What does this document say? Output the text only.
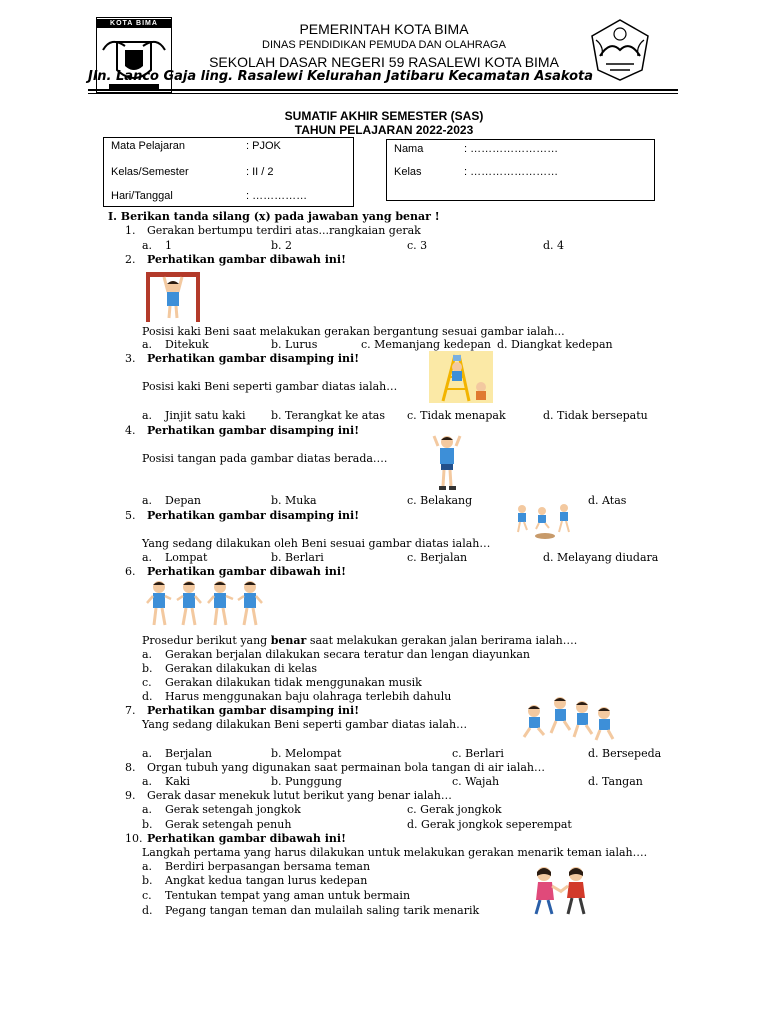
KOTA BIMA	PEMERINTAH KOTA BIMA
DINAS PENDIDIKAN PEMUDA DAN OLAHRAGA
SEKOLAH DASAR NEGERI 59 RASALEWI KOTA BIMA
Jln. Lanco Gaja ling. Rasalewi Kelurahan Jatibaru Kecamatan Asakota
SUMATIF AKHIR SEMESTER (SAS)
TAHUN PELAJARAN 2022-2023
Mata Pelajaran	: PJOK
Kelas/Semester	: II / 2
Hari/Tanggal	: ……………
Nama	: ……………………
Kelas	: ……………………
I. Berikan tanda silang (x) pada jawaban yang benar !
1. Gerakan bertumpu terdiri atas...rangkaian gerak
a. 1	b. 2	c. 3	d. 4
2. Perhatikan gambar dibawah ini!
Posisi kaki Beni saat melakukan gerakan bergantung sesuai gambar ialah...
a. Ditekuk	b. Lurus	c. Memanjang kedepan d. Diangkat kedepan
3. Perhatikan gambar disamping ini!
Posisi kaki Beni seperti gambar diatas ialah…
a. Jinjit satu kaki b. Terangkat ke atas c. Tidak menapak	d. Tidak bersepatu
4. Perhatikan gambar disamping ini!
Posisi tangan pada gambar diatas berada….
a. Depan	b. Muka	c. Belakang	d. Atas
5. Perhatikan gambar disamping ini!
Yang sedang dilakukan oleh Beni sesuai gambar diatas ialah…
a. Lompat	b. Berlari	c. Berjalan	d. Melayang diudara
6. Perhatikan gambar dibawah ini!
Prosedur berikut yang benar saat melakukan gerakan jalan berirama ialah….
a. Gerakan berjalan dilakukan secara teratur dan lengan diayunkan
b. Gerakan dilakukan di kelas
c. Gerakan dilakukan tidak menggunakan musik
d. Harus menggunakan baju olahraga terlebih dahulu
7. Perhatikan gambar disamping ini!
Yang sedang dilakukan Beni seperti gambar diatas ialah…
a. Berjalan	b. Melompat	c. Berlari	d. Bersepeda
8. Organ tubuh yang digunakan saat permainan bola tangan di air ialah…
a. Kaki	b. Punggung	c. Wajah	d. Tangan
9. Gerak dasar menekuk lutut berikut yang benar ialah…
a. Gerak setengah jongkok	c. Gerak jongkok
b. Gerak setengah penuh	d. Gerak jongkok seperempat
10. Perhatikan gambar dibawah ini!
Langkah pertama yang harus dilakukan untuk melakukan gerakan menarik teman ialah….
a. Berdiri berpasangan bersama teman
b. Angkat kedua tangan lurus kedepan
c. Tentukan tempat yang aman untuk bermain
d. Pegang tangan teman dan mulailah saling tarik menarik
